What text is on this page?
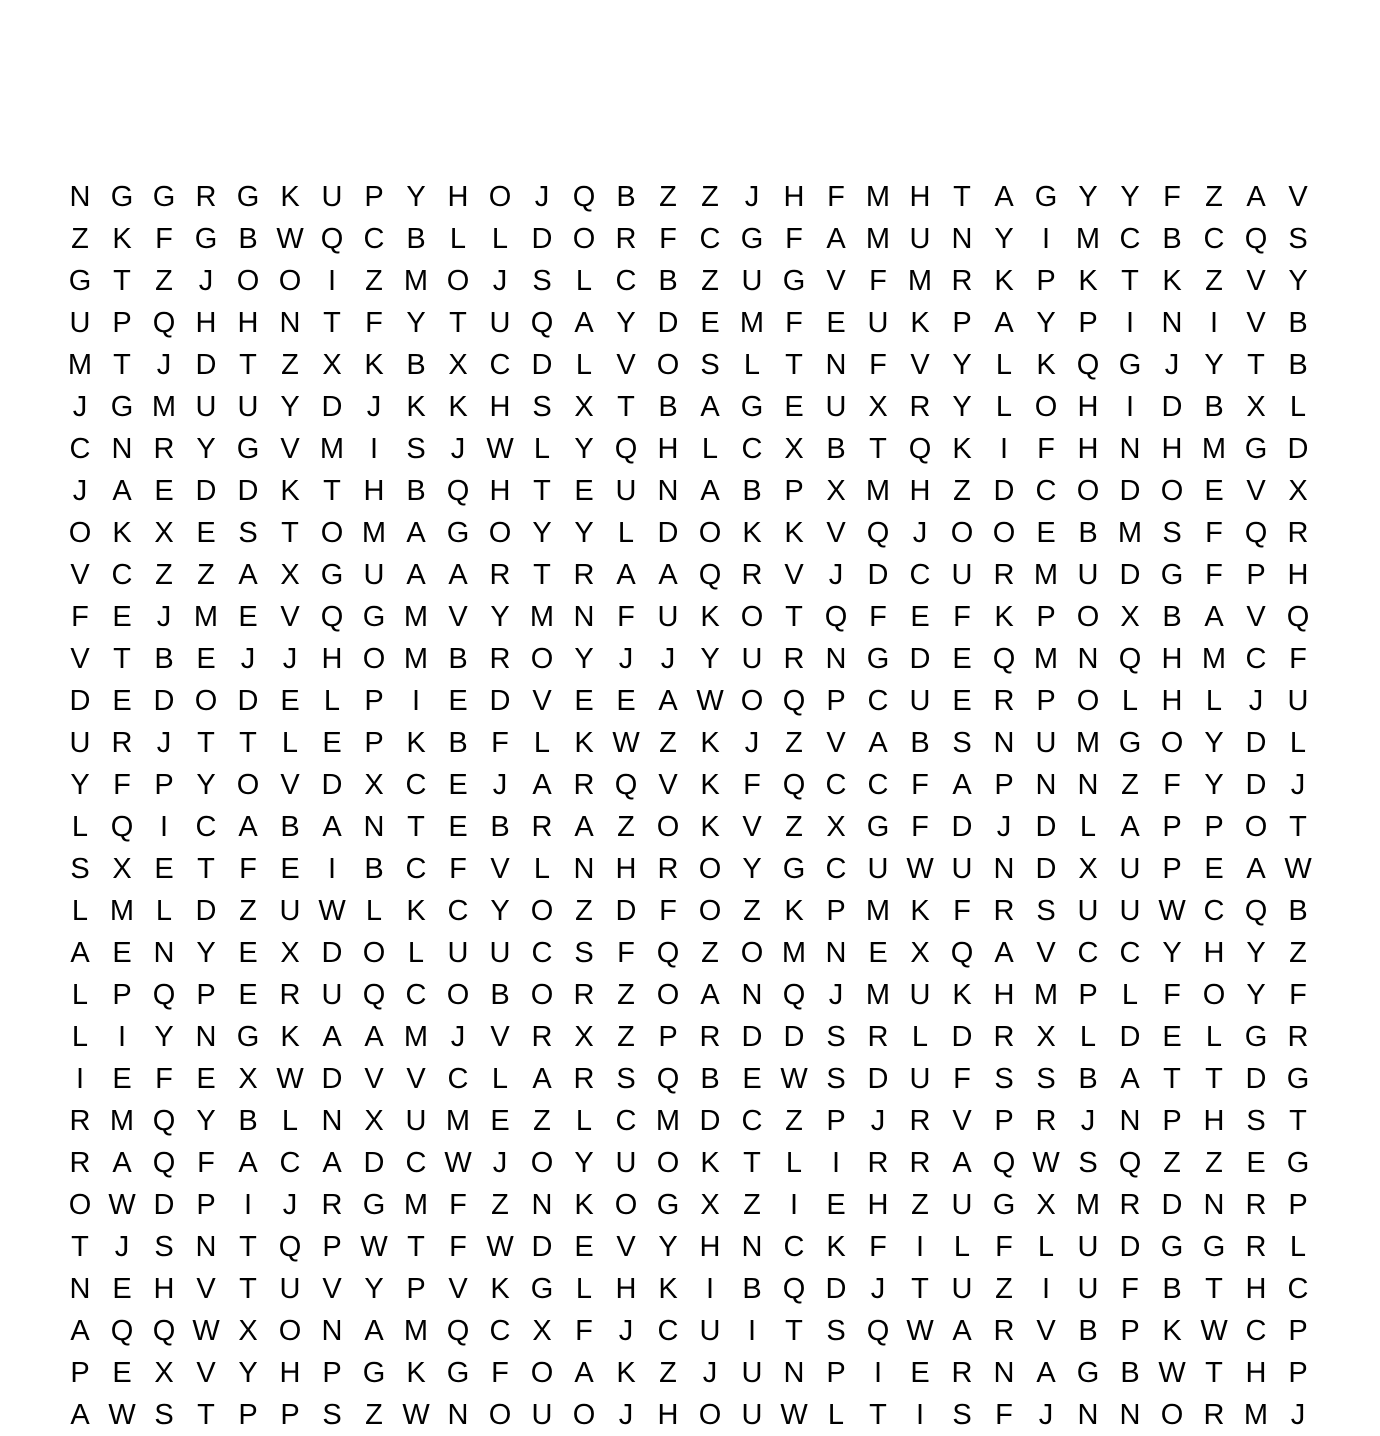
N G G R G K U P Y H O J Q B Z Z J H F M H T A G Y Y F Z A V
Z K F G B W Q C B L L D O R F C G F A M U N Y I M C B C Q S
G T Z J O O I	Z M O J S L C B Z U G V F M R K P K T K Z V Y
U P Q H H N T F Y T U Q A Y D E M F E U K P A Y P I N I V B
M T J D T Z X K B X C D L V O S L T N F V Y L K Q G J Y T B
J G M U U Y D J K K H S X T B A G E U X R Y L O H I D B X L
C N R Y G V M I S J W L Y Q H L C X B T Q K I	F H N H M G D
J A E D D K T H B Q H T E U N A B P X M H Z D C O D O E V X
O K X E S T O M A G O Y Y L D O K K V Q J O O E B M S F Q R
V C Z Z A X G U A A R T R A A Q R V J D C U R M U D G F P H
F E J M E V Q G M V Y M N F U K O T Q F E F K P O X B A V Q
V T B E J J H O M B R O Y J J Y U R N G D E Q M N Q H M C F
D E D O D E L P I E D V E E A W O Q P C U E R P O L H L J U
U R J T T L E P K B F L K W Z K J Z V A B S N U M G O Y D L
Y F P Y O V D X C E J A R Q V K F Q C C F A P N N Z F Y D J
L Q I C A B A N T E B R A Z O K V Z X G F D J D L A P P O T
S X E T F E I B C F V L N H R O Y G C U W U N D X U P E A W
L M L D Z U W L K C Y O Z D F O Z K P M K F R S U U W C Q B
A E N Y E X D O L U U C S F Q Z O M N E X Q A V C C Y H Y Z
L P Q P E R U Q C O B O R Z O A N Q J M U K H M P L F O Y F
L	I Y N G K A A M J V R X Z P R D D S R L D R X L D E L G R
I E F E X W D V V C L A R S Q B E W S D U F S S B A T T D G
R M Q Y B L N X U M E Z L C M D C Z P J R V P R J N P H S T
R A Q F A C A D C W J O Y U O K T L	I R R A Q W S Q Z Z E G
O W D P I	J R G M F Z N K O G X Z	I E H Z U G X M R D N R P
T J S N T Q P W T F W D E V Y H N C K F	I	L F L U D G G R L
N E H V T U V Y P V K G L H K I B Q D J T U Z	I U F B T H C
A Q Q W X O N A M Q C X F J C U I	T S Q W A R V B P K W C P
P E X V Y H P G K G F O A K Z J U N P I E R N A G B W T H P
A W S T P P S Z W N O U O J H O U W L T	I S F J N N O R M J
